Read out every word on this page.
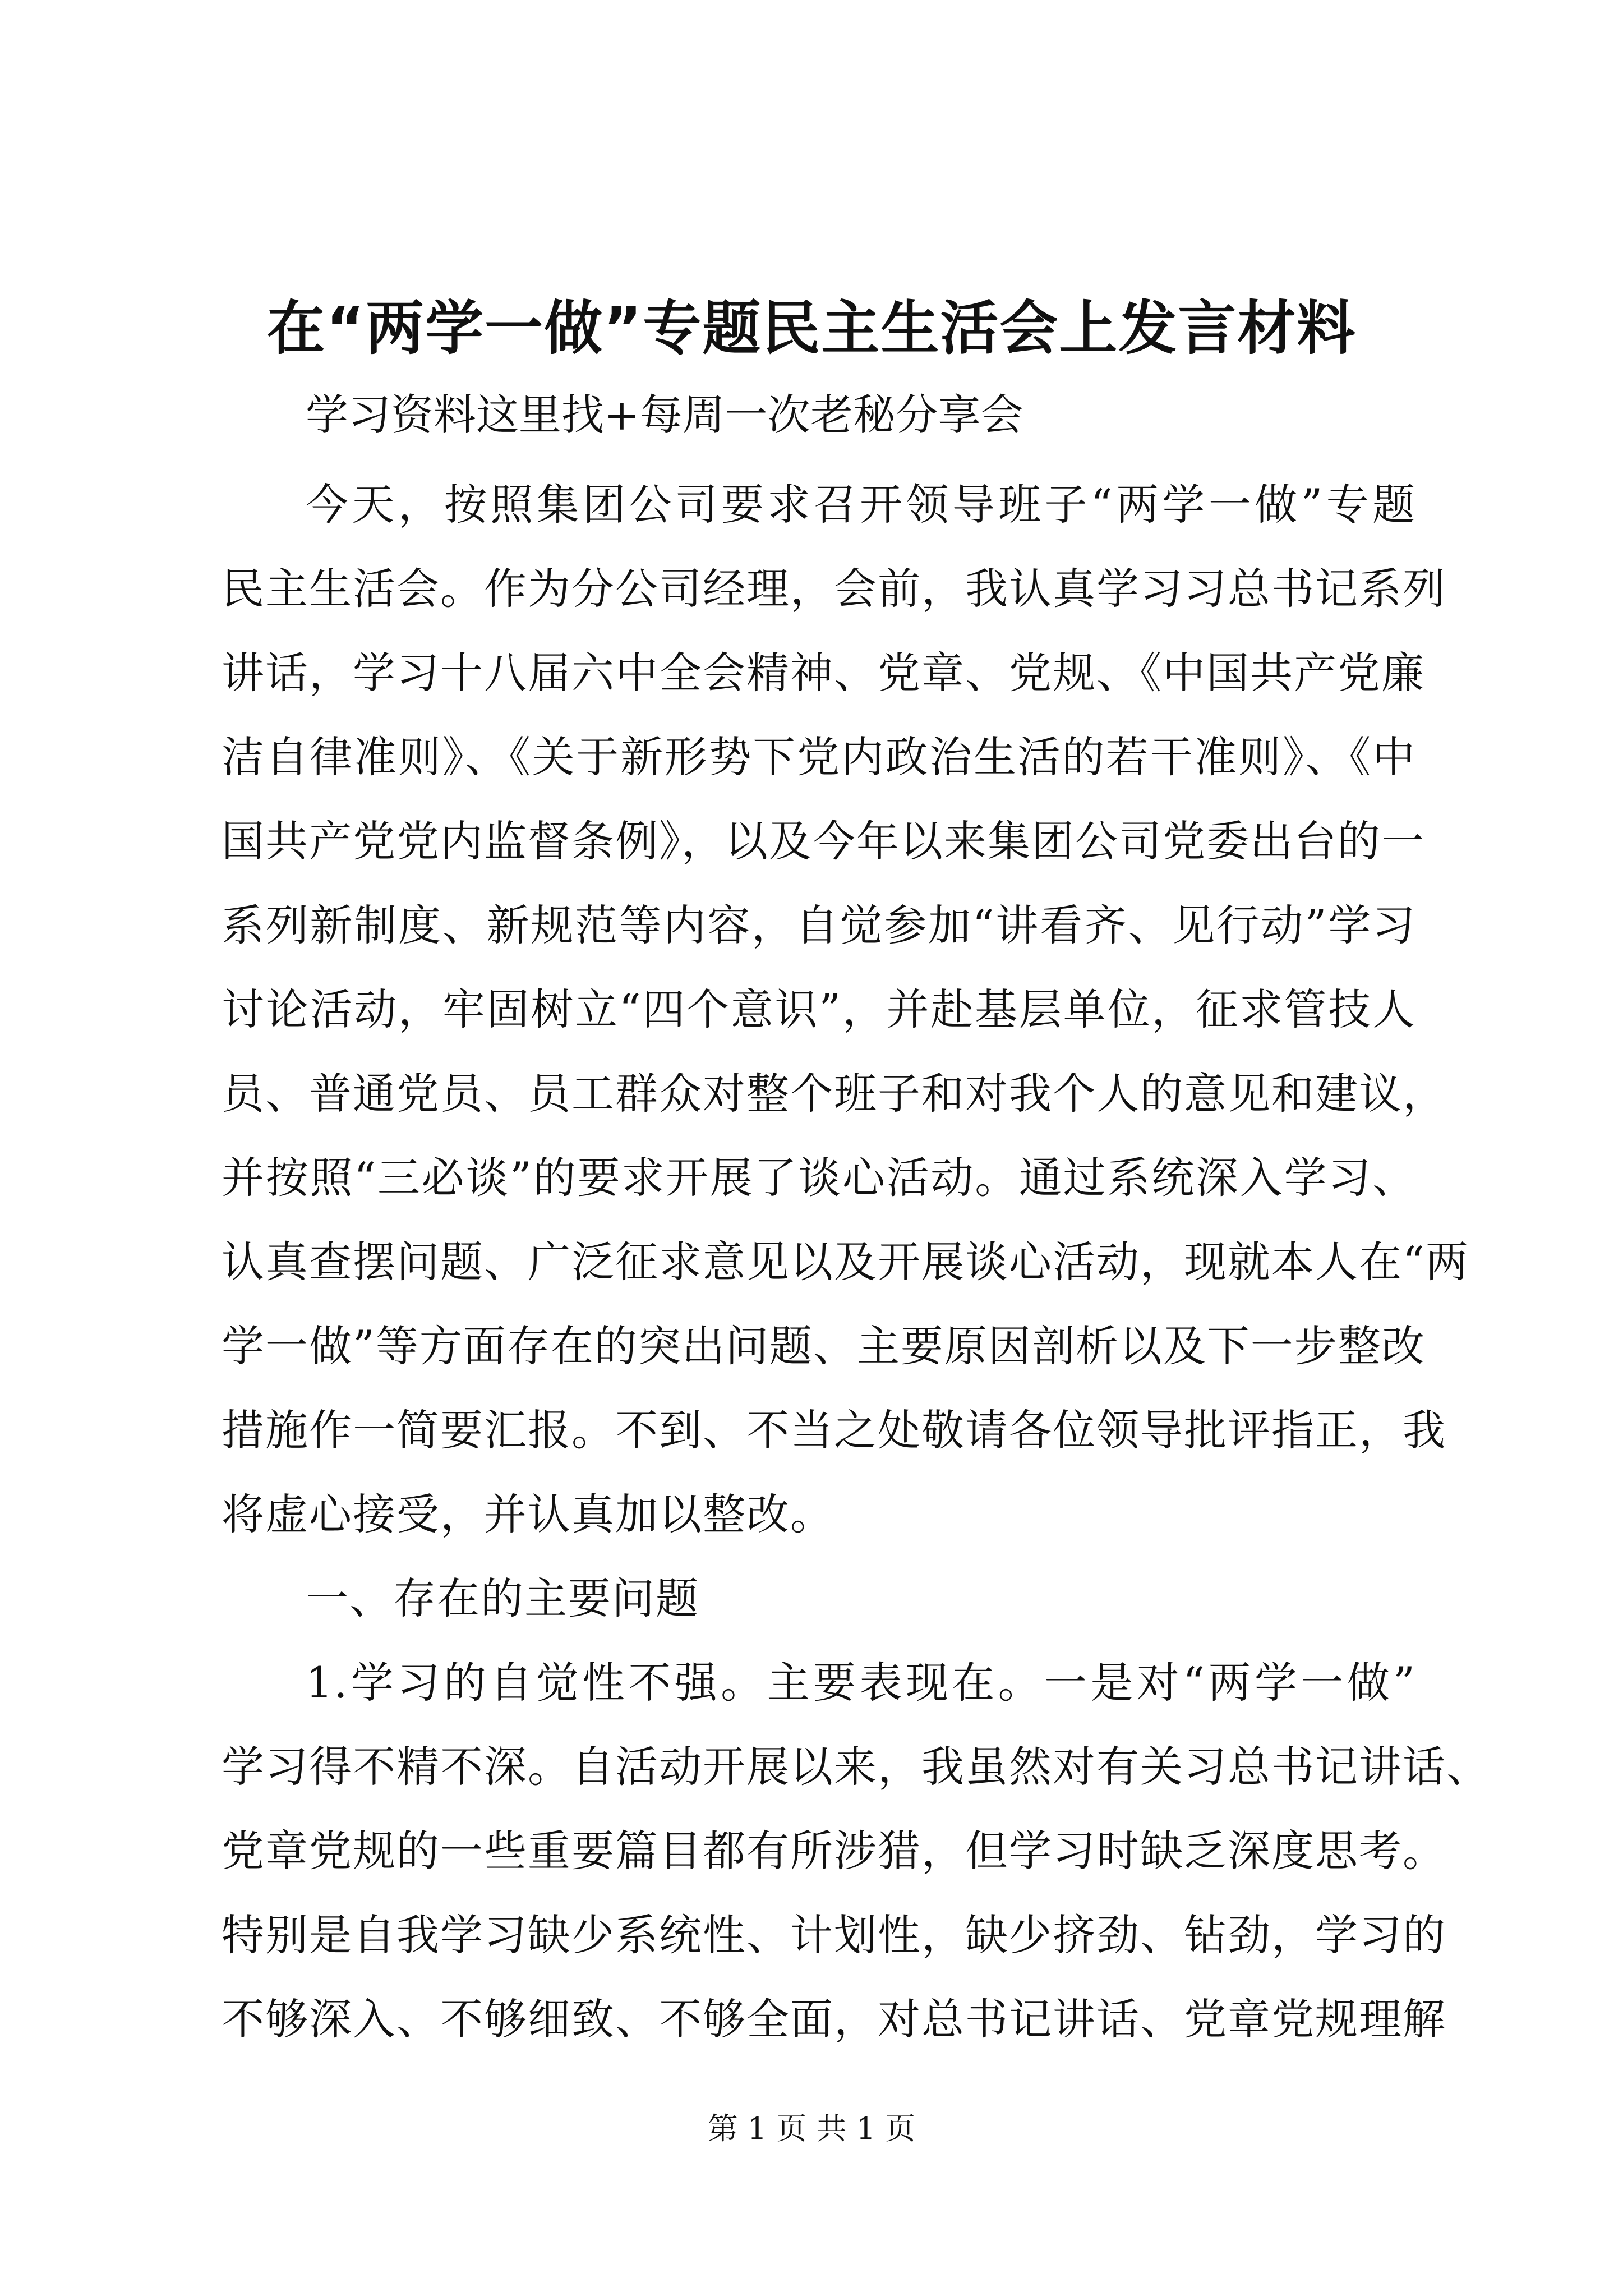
在“两学一做”专题民主生活会上发言材料
学习资料这里找+每周一次老秘分享会
今天，按照集团公司要求召开领导班子“两学一做”专题
民主生活会。作为分公司经理，会前，我认真学习习总书记系列
讲话，学习十八届六中全会精神、党章、党规、《中国共产党廉
洁自律准则》、《关于新形势下党内政治生活的若干准则》、《中
国共产党党内监督条例》，以及今年以来集团公司党委出台的一
系列新制度、新规范等内容，自觉参加“讲看齐、见行动”学习
讨论活动，牢固树立“四个意识”，并赴基层单位，征求管技人
员、普通党员、员工群众对整个班子和对我个人的意见和建议，
并按照“三必谈”的要求开展了谈心活动。通过系统深入学习、
认真查摆问题、广泛征求意见以及开展谈心活动，现就本人在“两
学一做”等方面存在的突出问题、主要原因剖析以及下一步整改
措施作一简要汇报。不到、不当之处敬请各位领导批评指正，我
将虚心接受，并认真加以整改。
一、存在的主要问题
1.学习的自觉性不强。主要表现在。一是对“两学一做”
学习得不精不深。自活动开展以来，我虽然对有关习总书记讲话、
党章党规的一些重要篇目都有所涉猎，但学习时缺乏深度思考。
特别是自我学习缺少系统性、计划性，缺少挤劲、钻劲，学习的
不够深入、不够细致、不够全面，对总书记讲话、党章党规理解
第 1 页 共 1 页
